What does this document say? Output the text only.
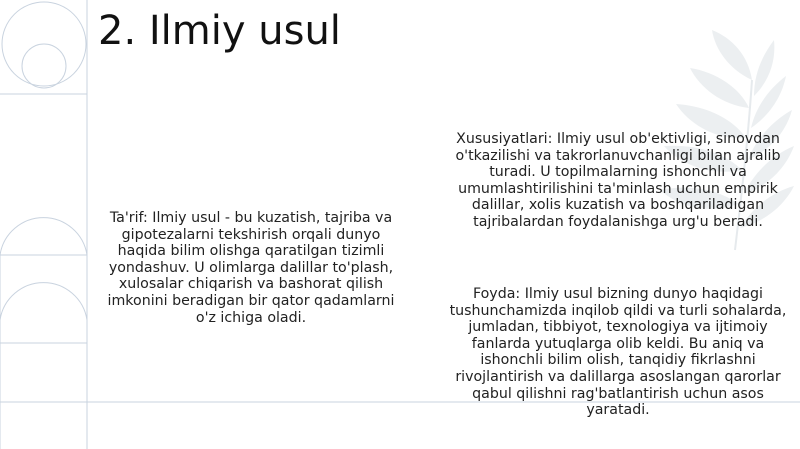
2. Ilmiy usul

Ta'rif: Ilmiy usul - bu kuzatish, tajriba va gipotezalarni tekshirish orqali dunyo haqida bilim olishga qaratilgan tizimli yondashuv. U olimlarga dalillar to'plash, xulosalar chiqarish va bashorat qilish imkonini beradigan bir qator qadamlarni o'z ichiga oladi.

Xususiyatlari: Ilmiy usul ob'ektivligi, sinovdan o'tkazilishi va takrorlanuvchanligi bilan ajralib turadi. U topilmalarning ishonchli va umumlashtirilishini ta'minlash uchun empirik dalillar, xolis kuzatish va boshqariladigan tajribalardan foydalanishga urg'u beradi.

Foyda: Ilmiy usul bizning dunyo haqidagi tushunchamizda inqilob qildi va turli sohalarda, jumladan, tibbiyot, texnologiya va ijtimoiy fanlarda yutuqlarga olib keldi. Bu aniq va ishonchli bilim olish, tanqidiy fikrlashni rivojlantirish va dalillarga asoslangan qarorlar qabul qilishni rag'batlantirish uchun asos yaratadi.
